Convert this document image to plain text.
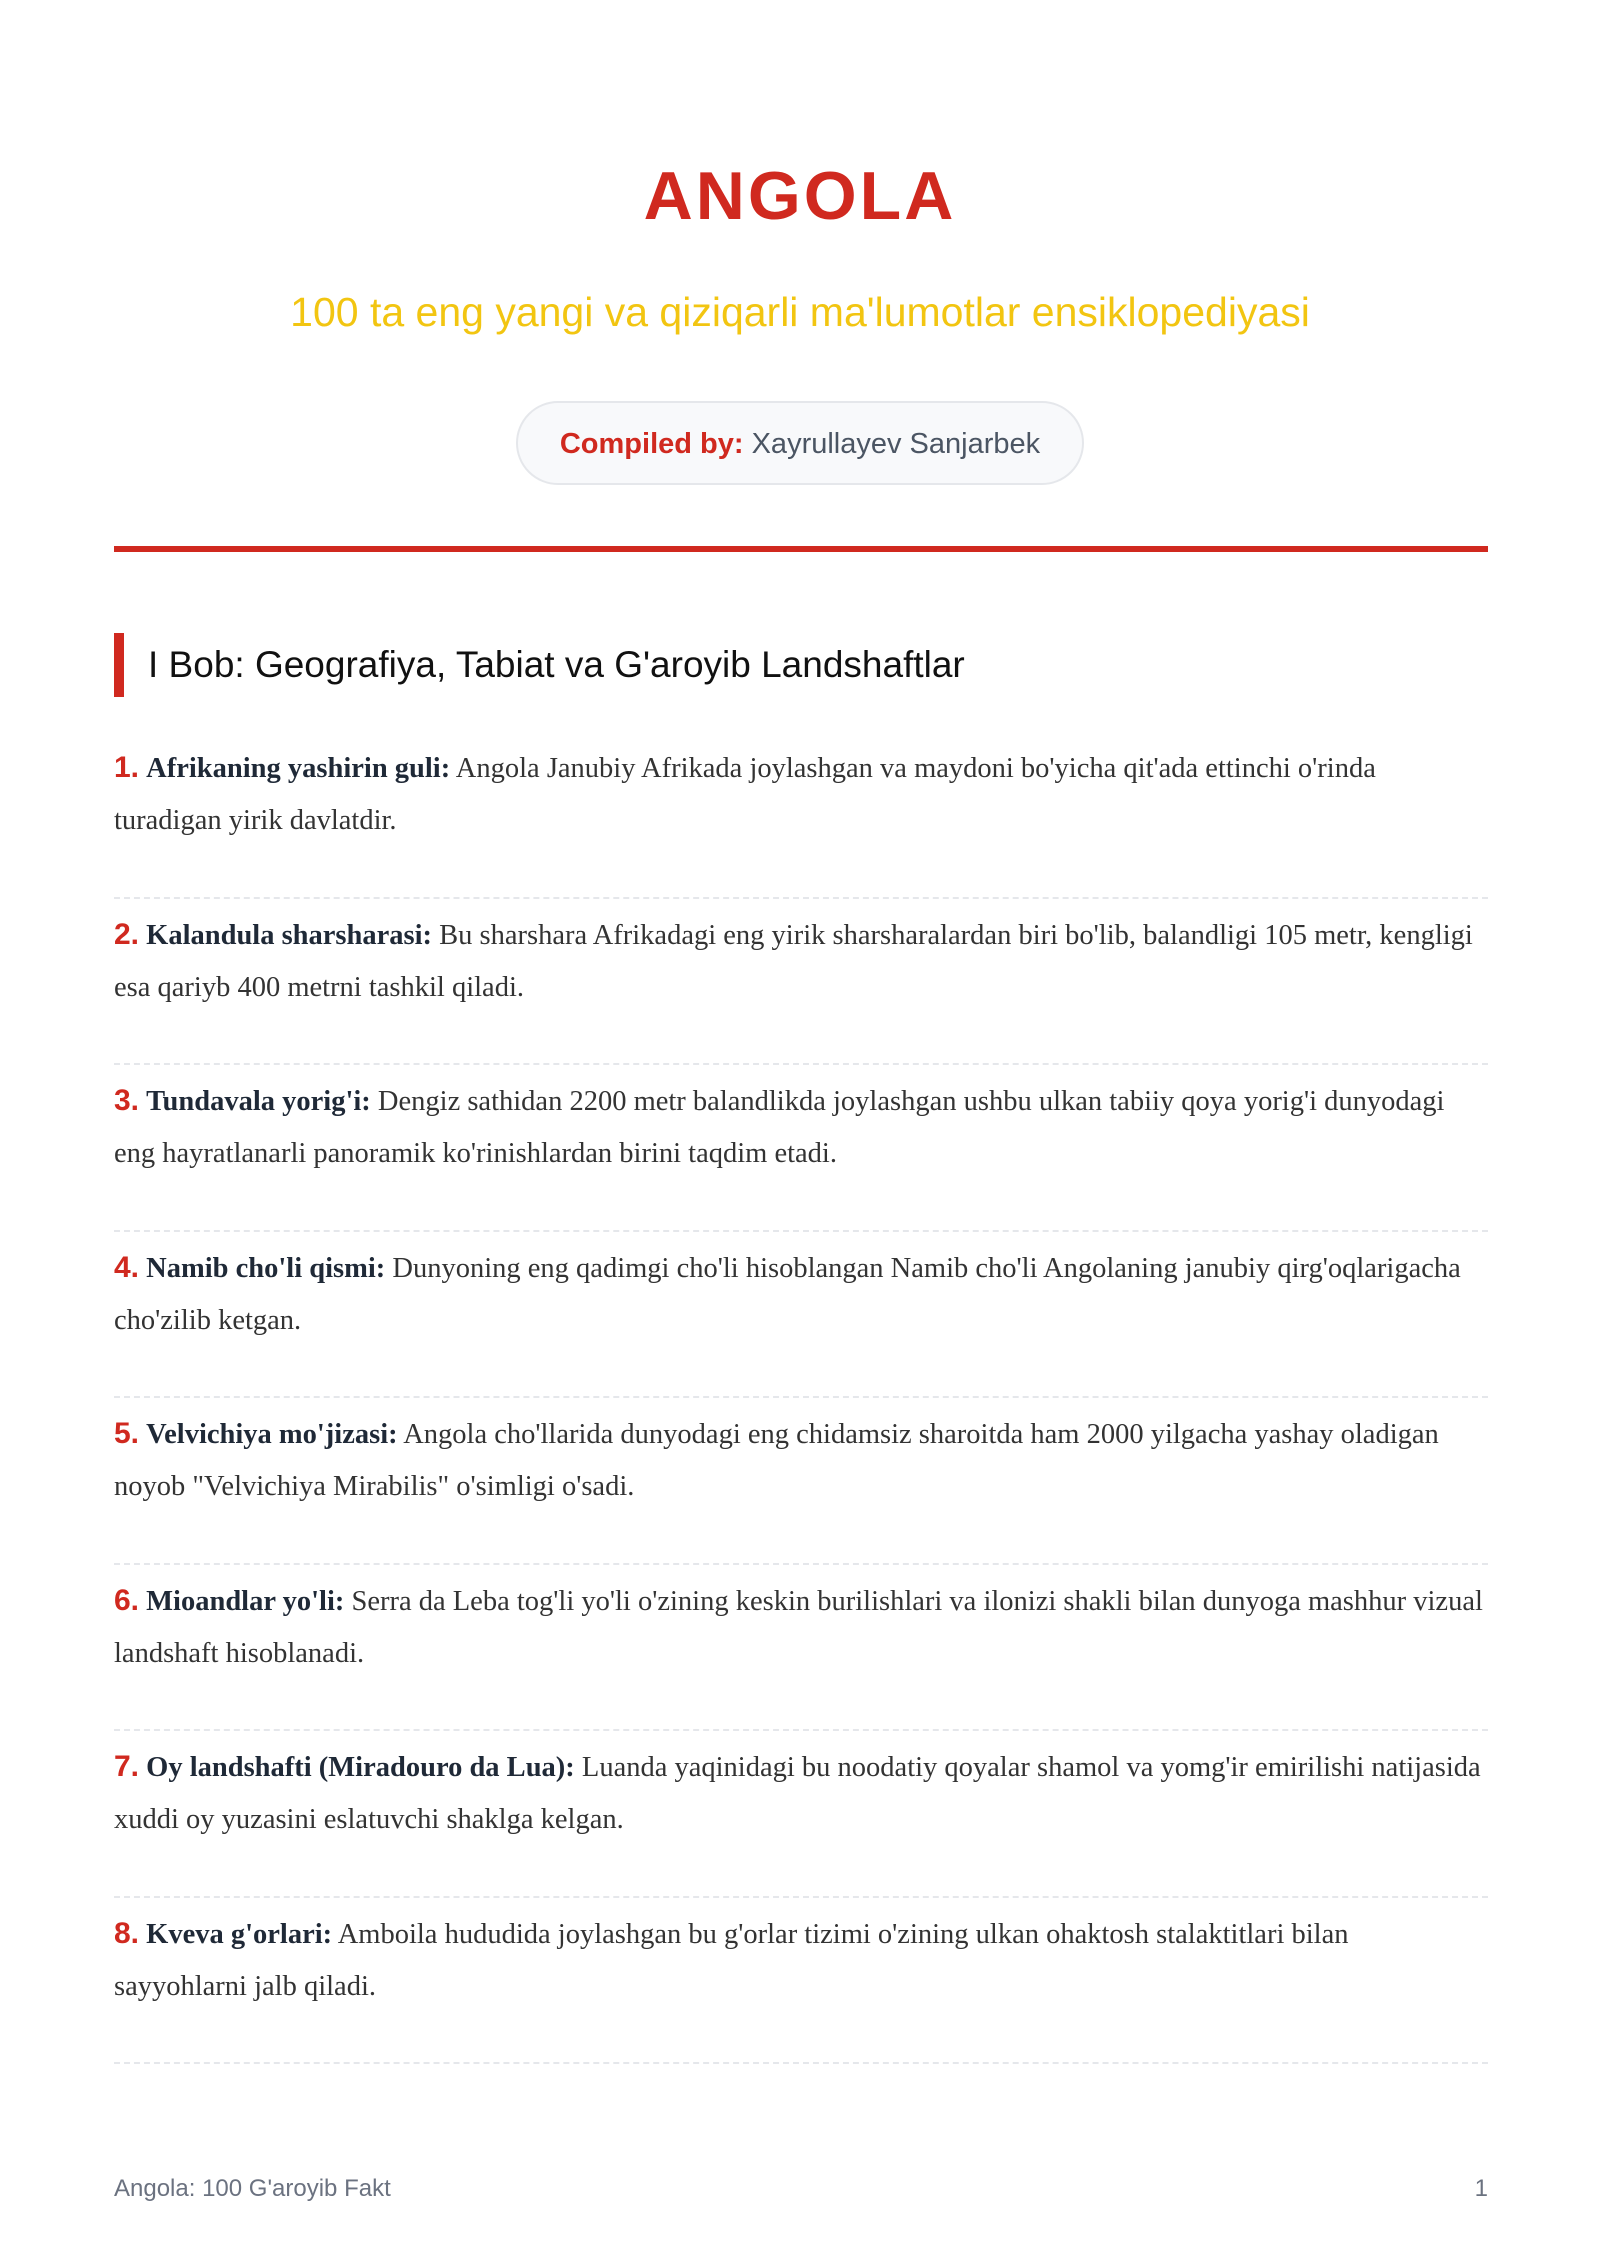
ANGOLA
100 ta eng yangi va qiziqarli ma'lumotlar ensiklopediyasi
Compiled by: Xayrullayev Sanjarbek
I Bob: Geografiya, Tabiat va G'aroyib Landshaftlar
1. Afrikaning yashirin guli: Angola Janubiy Afrikada joylashgan va maydoni bo'yicha qit'ada ettinchi o'rinda turadigan yirik davlatdir.
2. Kalandula sharsharasi: Bu sharshara Afrikadagi eng yirik sharsharalardan biri bo'lib, balandligi 105 metr, kengligi esa qariyb 400 metrni tashkil qiladi.
3. Tundavala yorig'i: Dengiz sathidan 2200 metr balandlikda joylashgan ushbu ulkan tabiiy qoya yorig'i dunyodagi eng hayratlanarli panoramik ko'rinishlardan birini taqdim etadi.
4. Namib cho'li qismi: Dunyoning eng qadimgi cho'li hisoblangan Namib cho'li Angolaning janubiy qirg'oqlarigacha cho'zilib ketgan.
5. Velvichiya mo'jizasi: Angola cho'llarida dunyodagi eng chidamsiz sharoitda ham 2000 yilgacha yashay oladigan noyob "Velvichiya Mirabilis" o'simligi o'sadi.
6. Mioandlar yo'li: Serra da Leba tog'li yo'li o'zining keskin burilishlari va ilonizi shakli bilan dunyoga mashhur vizual landshaft hisoblanadi.
7. Oy landshafti (Miradouro da Lua): Luanda yaqinidagi bu noodatiy qoyalar shamol va yomg'ir emirilishi natijasida xuddi oy yuzasini eslatuvchi shaklga kelgan.
8. Kveva g'orlari: Amboila hududida joylashgan bu g'orlar tizimi o'zining ulkan ohaktosh stalaktitlari bilan sayyohlarni jalb qiladi.
Angola: 100 G'aroyib Fakt	1
